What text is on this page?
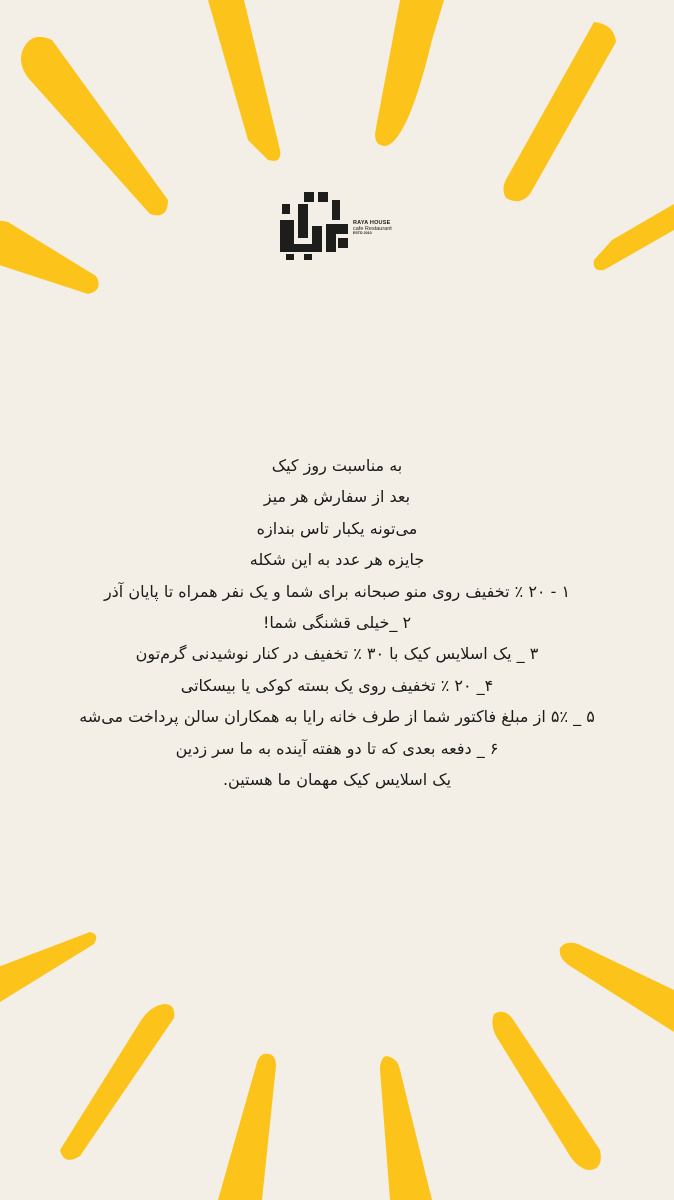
RAYA HOUSE
cafe Restaurant
ESTD 2010
به مناسبت روز کیک
بعد از سفارش هر میز
می‌تونه یکبار تاس بندازه
جایزه هر عدد به این شکله
۱ - ۲۰ ٪ تخفیف روی منو صبحانه برای شما و یک نفر همراه تا پایان آذر
۲ _خیلی قشنگی شما!
۳ _ یک اسلایس کیک با ۳۰ ٪ تخفیف در کنار نوشیدنی گرم‌تون
۴_ ۲۰ ٪ تخفیف روی یک بسته کوکی یا بیسکاتی
۵ _ ۵٪ از مبلغ فاکتور شما از طرف خانه رایا به همکاران سالن پرداخت می‌شه
۶ _ دفعه بعدی که تا دو هفته آینده به ما سر زدین
یک اسلایس کیک مهمان ما هستین.
